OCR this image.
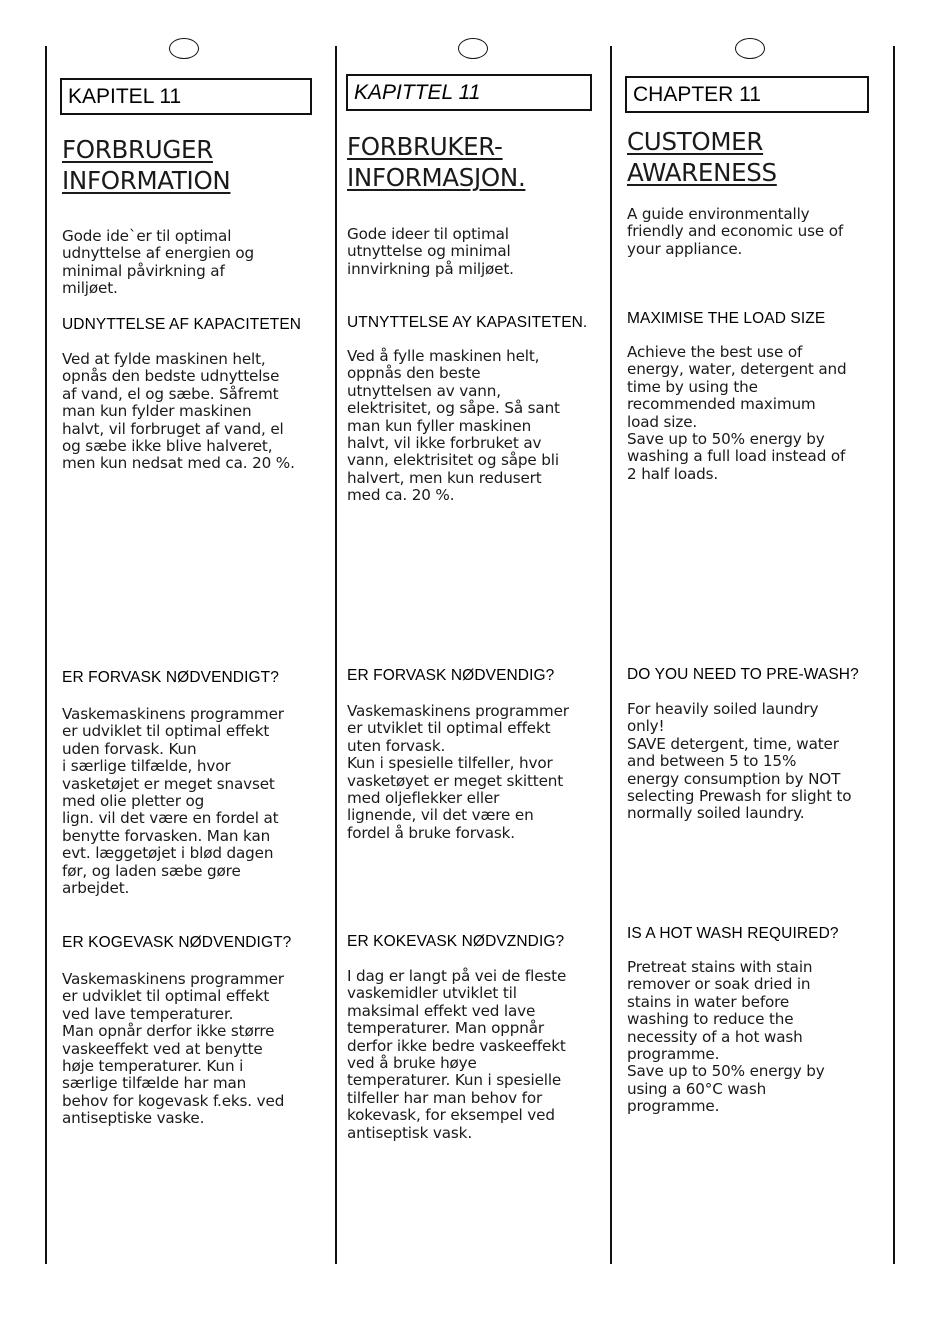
KAPITEL 11
FORBRUGER
INFORMATION

Gode ide`er til optimal
udnyttelse af energien og
minimal påvirkning af
miljøet.

UDNYTTELSE AF KAPACITETEN

Ved at fylde maskinen helt,
opnås den bedste udnyttelse
af vand, el og sæbe. Såfremt
man kun fylder maskinen
halvt, vil forbruget af vand, el
og sæbe ikke blive halveret,
men kun nedsat med ca. 20 %.

ER FORVASK NØDVENDIGT?

Vaskemaskinens programmer
er udviklet til optimal effekt
uden forvask. Kun
i særlige tilfælde, hvor
vasketøjet er meget snavset
med olie pletter og
lign. vil det være en fordel at
benytte forvasken. Man kan
evt. læggetøjet i blød dagen
før, og laden sæbe gøre
arbejdet.

ER KOGEVASK NØDVENDIGT?

Vaskemaskinens programmer
er udviklet til optimal effekt
ved lave temperaturer.
Man opnår derfor ikke større
vaskeeffekt ved at benytte
høje temperaturer. Kun i
særlige tilfælde har man
behov for kogevask f.eks. ved
antiseptiske vaske.

KAPITTEL 11
FORBRUKER-
INFORMASJON.

Gode ideer til optimal
utnyttelse og minimal
innvirkning på miljøet.

UTNYTTELSE AY KAPASITETEN.

Ved å fylle maskinen helt,
oppnås den beste
utnyttelsen av vann,
elektrisitet, og såpe. Så sant
man kun fyller maskinen
halvt, vil ikke forbruket av
vann, elektrisitet og såpe bli
halvert, men kun redusert
med ca. 20 %.

ER FORVASK NØDVENDIG?

Vaskemaskinens programmer
er utviklet til optimal effekt
uten forvask.
Kun i spesielle tilfeller, hvor
vasketøyet er meget skittent
med oljeflekker eller
lignende, vil det være en
fordel å bruke forvask.

ER KOKEVASK NØDVZNDIG?

I dag er langt på vei de fleste
vaskemidler utviklet til
maksimal effekt ved lave
temperaturer. Man oppnår
derfor ikke bedre vaskeeffekt
ved å bruke høye
temperaturer. Kun i spesielle
tilfeller har man behov for
kokevask, for eksempel ved
antiseptisk vask.

CHAPTER 11
CUSTOMER
AWARENESS

A guide environmentally
friendly and economic use of
your appliance.

MAXIMISE THE LOAD SIZE

Achieve the best use of
energy, water, detergent and
time by using the
recommended maximum
load size.
Save up to 50% energy by
washing a full load instead of
2 half loads.

DO YOU NEED TO PRE-WASH?

For heavily soiled laundry
only!
SAVE detergent, time, water
and between 5 to 15%
energy consumption by NOT
selecting Prewash for slight to
normally soiled laundry.

IS A HOT WASH REQUIRED?

Pretreat stains with stain
remover or soak dried in
stains in water before
washing to reduce the
necessity of a hot wash
programme.
Save up to 50% energy by
using a 60°C wash
programme.
